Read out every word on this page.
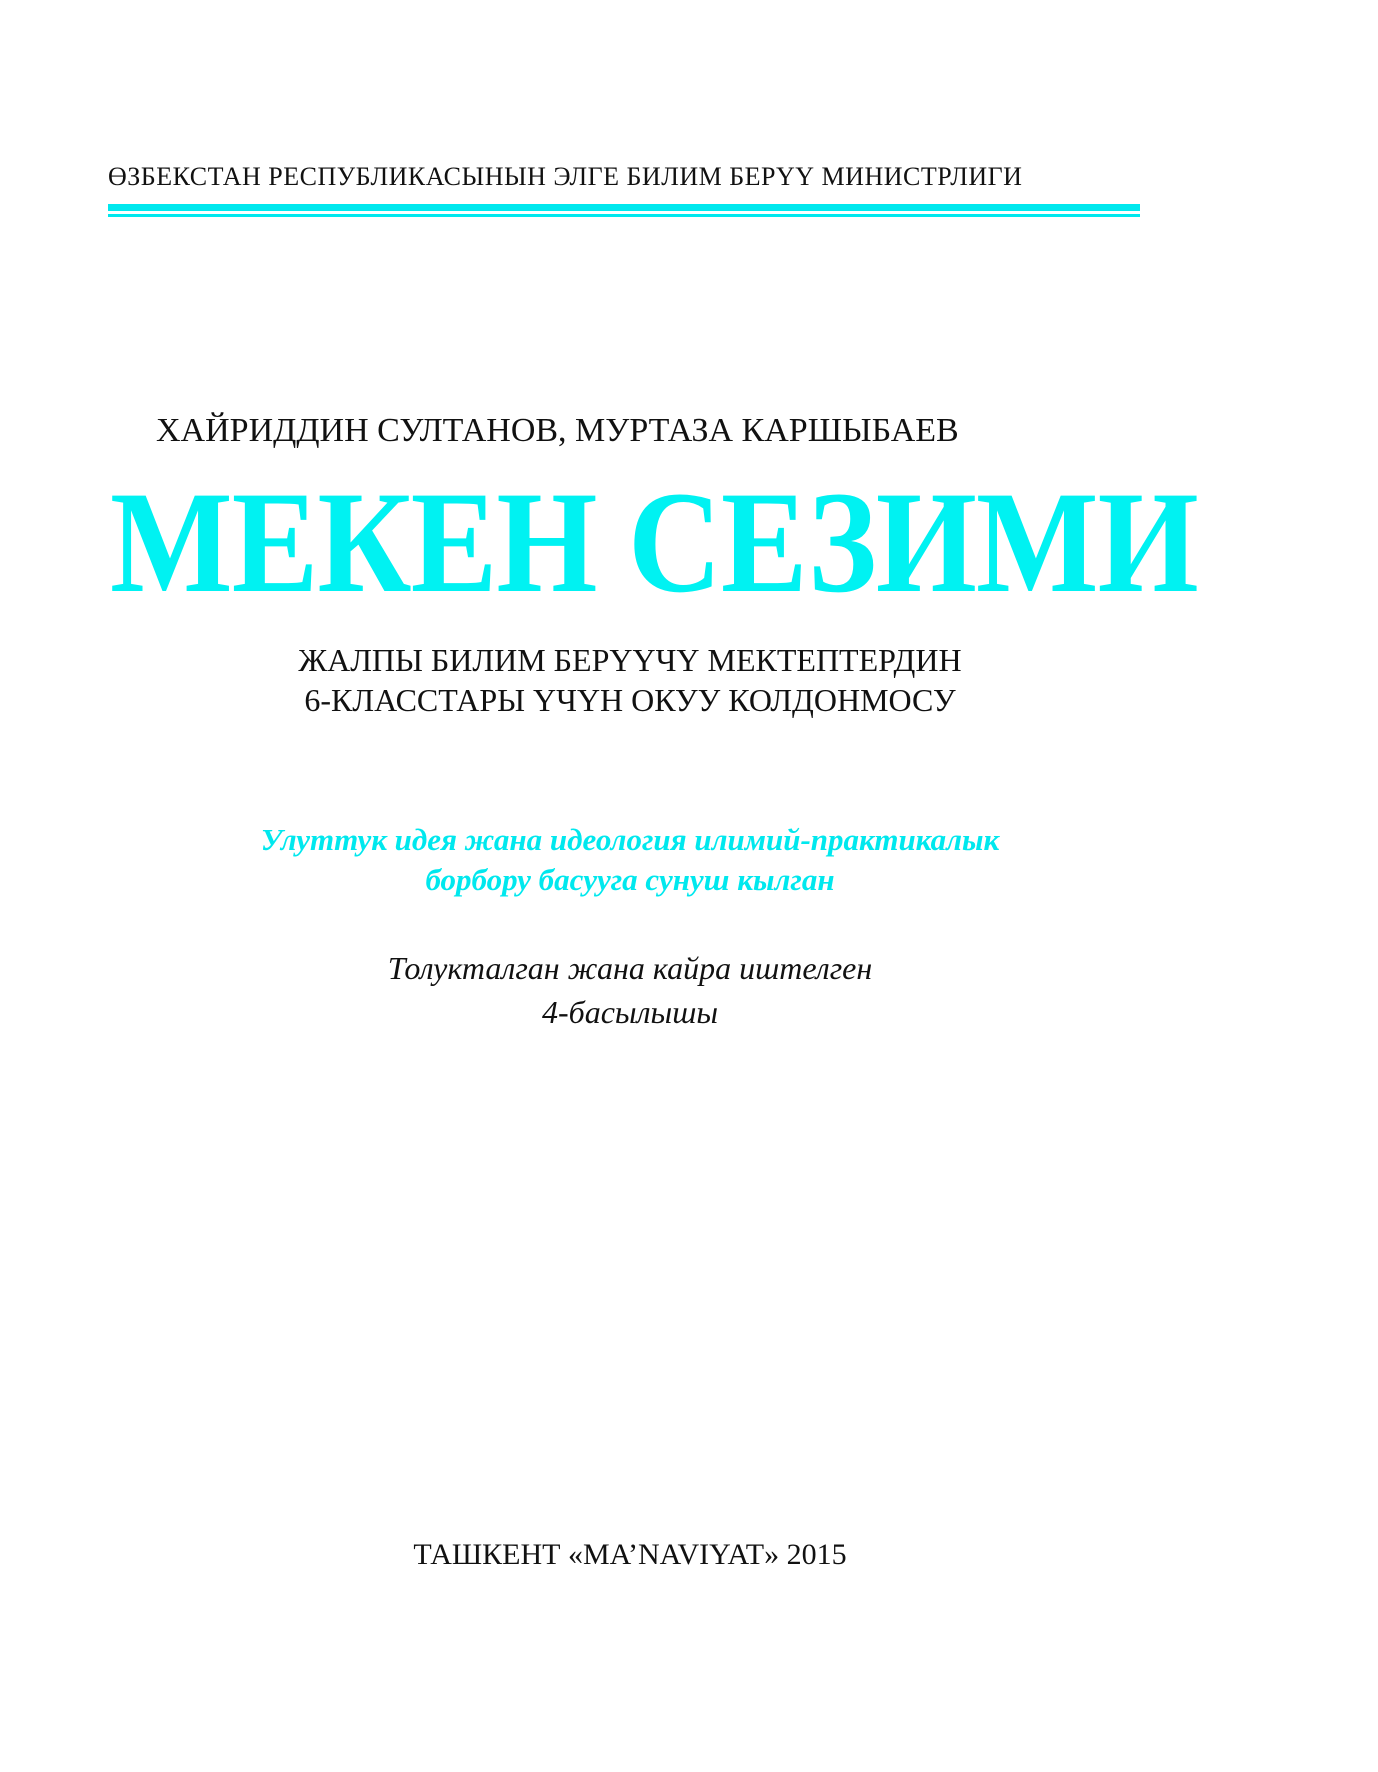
ӨЗБЕКСТАН РЕСПУБЛИКАСЫНЫН ЭЛГЕ БИЛИМ БЕРҮҮ МИНИСТРЛИГИ
ХАЙРИДДИН СУЛТАНОВ, МУРТАЗА КАРШЫБАЕВ
МЕКЕН СЕЗИМИ
ЖАЛПЫ БИЛИМ БЕРҮҮЧҮ МЕКТЕПТЕРДИН
6-КЛАССТАРЫ ҮЧҮН ОКУУ КОЛДОНМОСУ
Улуттук идея жана идеология илимий-практикалык
борбору басууга сунуш кылган
Толукталган жана кайра иштелген
4-басылышы
ТАШКЕНТ «MA’NAVIYAT» 2015
